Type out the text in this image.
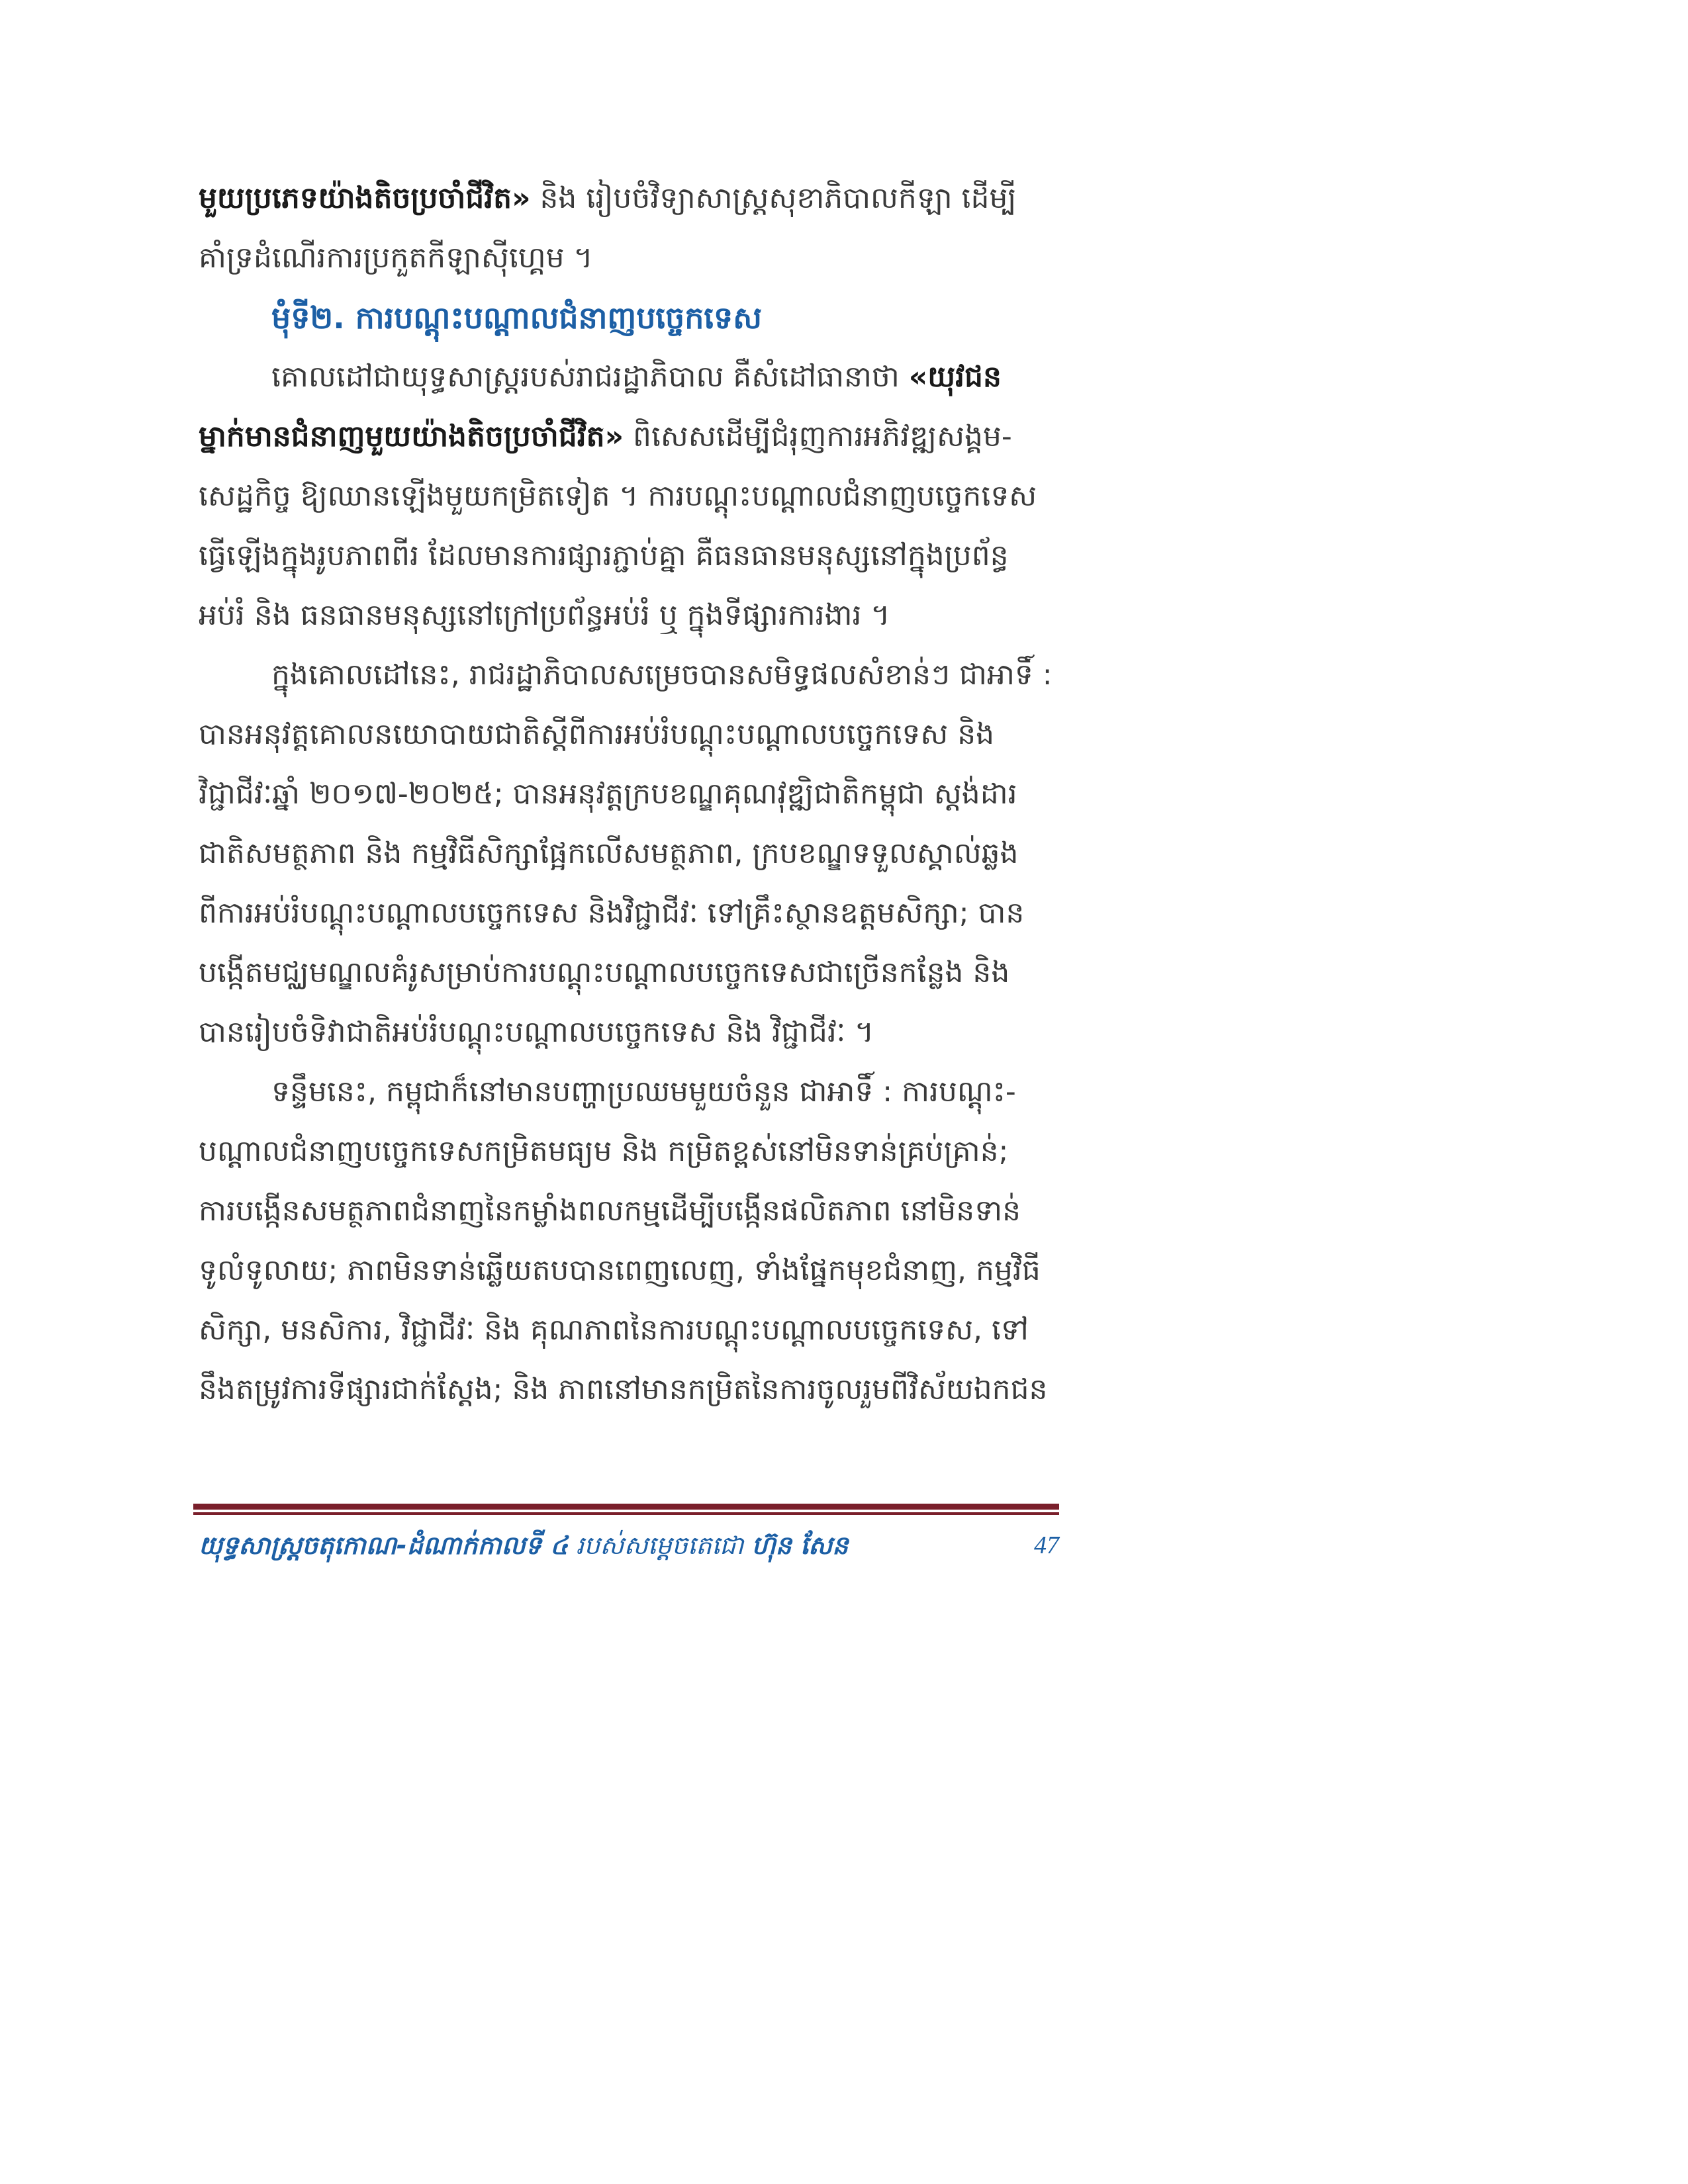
មួយប្រភេទយ៉ាងតិចប្រចាំជីវិត» និង រៀបចំវិទ្យាសាស្ត្រសុខាភិបាលកីឡា ដើម្បី
គាំទ្រដំណើរការប្រកួតកីឡាស៊ីហ្គេម ។
មុំទី២. ការបណ្តុះបណ្តាលជំនាញបច្ចេកទេស
គោលដៅជាយុទ្ធសាស្ត្ររបស់រាជរដ្ឋាភិបាល គឺសំដៅធានាថា «យុវជន
ម្នាក់មានជំនាញមួយយ៉ាងតិចប្រចាំជីវិត» ពិសេសដើម្បីជំរុញការអភិវឌ្ឍសង្គម-
សេដ្ឋកិច្ច ឱ្យឈានឡើងមួយកម្រិតទៀត ។ ការបណ្តុះបណ្តាលជំនាញបច្ចេកទេស
ធ្វើឡើងក្នុងរូបភាពពីរ ដែលមានការផ្សារភ្ជាប់គ្នា គឺធនធានមនុស្សនៅក្នុងប្រព័ន្ធ
អប់រំ និង ធនធានមនុស្សនៅក្រៅប្រព័ន្ធអប់រំ ឬ ក្នុងទីផ្សារការងារ ។
ក្នុងគោលដៅនេះ, រាជរដ្ឋាភិបាលសម្រេចបានសមិទ្ធផលសំខាន់ៗ ជាអាទិ៍ :
បានអនុវត្តគោលនយោបាយជាតិស្តីពីការអប់រំបណ្តុះបណ្តាលបច្ចេកទេស និង
វិជ្ជាជីវៈឆ្នាំ ២០១៧-២០២៥; បានអនុវត្តក្របខណ្ឌគុណវុឌ្ឍិជាតិកម្ពុជា ស្តង់ដារ
ជាតិសមត្ថភាព និង កម្មវិធីសិក្សាផ្អែកលើសមត្ថភាព, ក្របខណ្ឌទទួលស្គាល់ឆ្លង
ពីការអប់រំបណ្តុះបណ្តាលបច្ចេកទេស និងវិជ្ជាជីវៈ ទៅគ្រឹះស្ថានឧត្តមសិក្សា; បាន
បង្កើតមជ្ឈមណ្ឌលគំរូសម្រាប់ការបណ្តុះបណ្តាលបច្ចេកទេសជាច្រើនកន្លែង និង
បានរៀបចំទិវាជាតិអប់រំបណ្តុះបណ្តាលបច្ចេកទេស និង វិជ្ជាជីវៈ ។
ទន្ទឹមនេះ, កម្ពុជាក៏នៅមានបញ្ហាប្រឈមមួយចំនួន ជាអាទិ៍ : ការបណ្តុះ-
បណ្តាលជំនាញបច្ចេកទេសកម្រិតមធ្យម និង កម្រិតខ្ពស់នៅមិនទាន់គ្រប់គ្រាន់;
ការបង្កើនសមត្ថភាពជំនាញនៃកម្លាំងពលកម្មដើម្បីបង្កើនផលិតភាព នៅមិនទាន់
ទូលំទូលាយ; ភាពមិនទាន់ឆ្លើយតបបានពេញលេញ, ទាំងផ្នែកមុខជំនាញ, កម្មវិធី
សិក្សា, មនសិការ, វិជ្ជាជីវៈ និង គុណភាពនៃការបណ្តុះបណ្តាលបច្ចេកទេស, ទៅ
នឹងតម្រូវការទីផ្សារជាក់ស្តែង; និង ភាពនៅមានកម្រិតនៃការចូលរួមពីវិស័យឯកជន
យុទ្ធសាស្ត្រចតុកោណ-ដំណាក់កាលទី ៤ របស់សម្តេចតេជោ ហ៊ុន សែន	47
